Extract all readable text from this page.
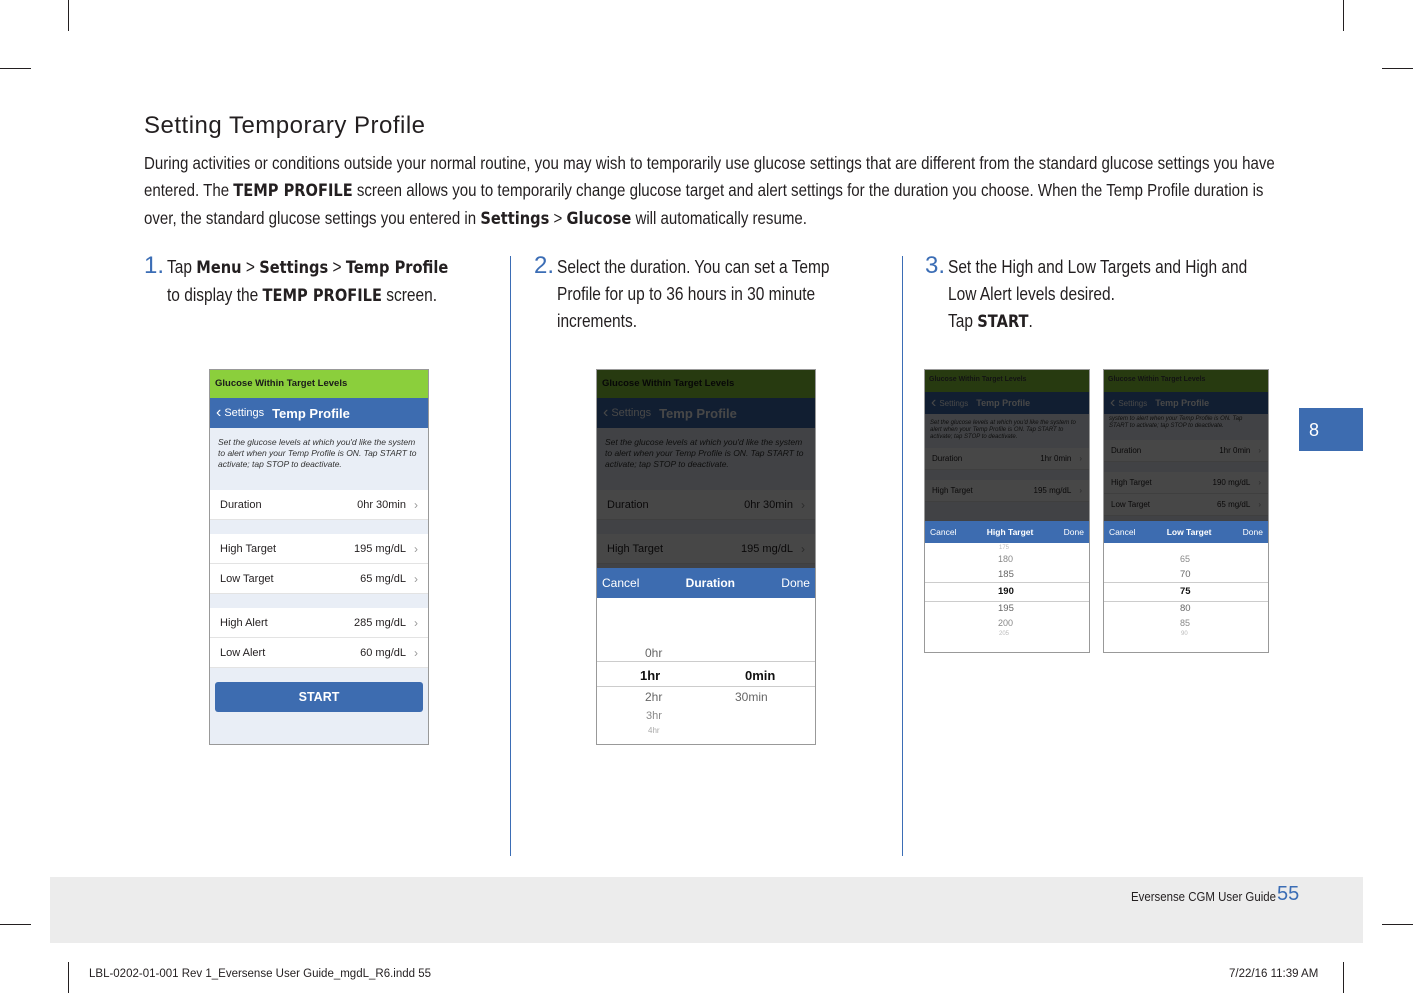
Setting Temporary Profile

During activities or conditions outside your normal routine, you may wish to temporarily use glucose settings that are different from the standard glucose settings you have entered. The TEMP PROFILE screen allows you to temporarily change glucose target and alert settings for the duration you choose. When the Temp Profile duration is over, the standard glucose settings you entered in Settings > Glucose will automatically resume.

1. Tap Menu > Settings > Temp Profile
to display the TEMP PROFILE screen.
2. Select the duration. You can set a Temp Profile for up to 36 hours in 30 minute increments.
3. Set the High and Low Targets and High and Low Alert levels desired.
Tap START.
Glucose Within Target Levels
‹ Settings Temp Profile
Set the glucose levels at which you'd like the system to alert when your Temp Profile is ON. Tap START to activate; tap STOP to deactivate.
Duration	0hr 30min ›
High Target	195 mg/dL ›
Low Target	65 mg/dL ›
High Alert	285 mg/dL ›
Low Alert	60 mg/dL ›
START
Cancel	Duration	Done
0hr
1hr	0min
2hr	30min
3hr
4hr
Cancel	High Target	Done
175
180
185
190
195
200
205
Cancel	Low Target	Done
65
70
75
80
85
90
8
Eversense CGM User Guide 55
LBL-0202-01-001 Rev 1_Eversense User Guide_mgdL_R6.indd 55	7/22/16 11:39 AM
